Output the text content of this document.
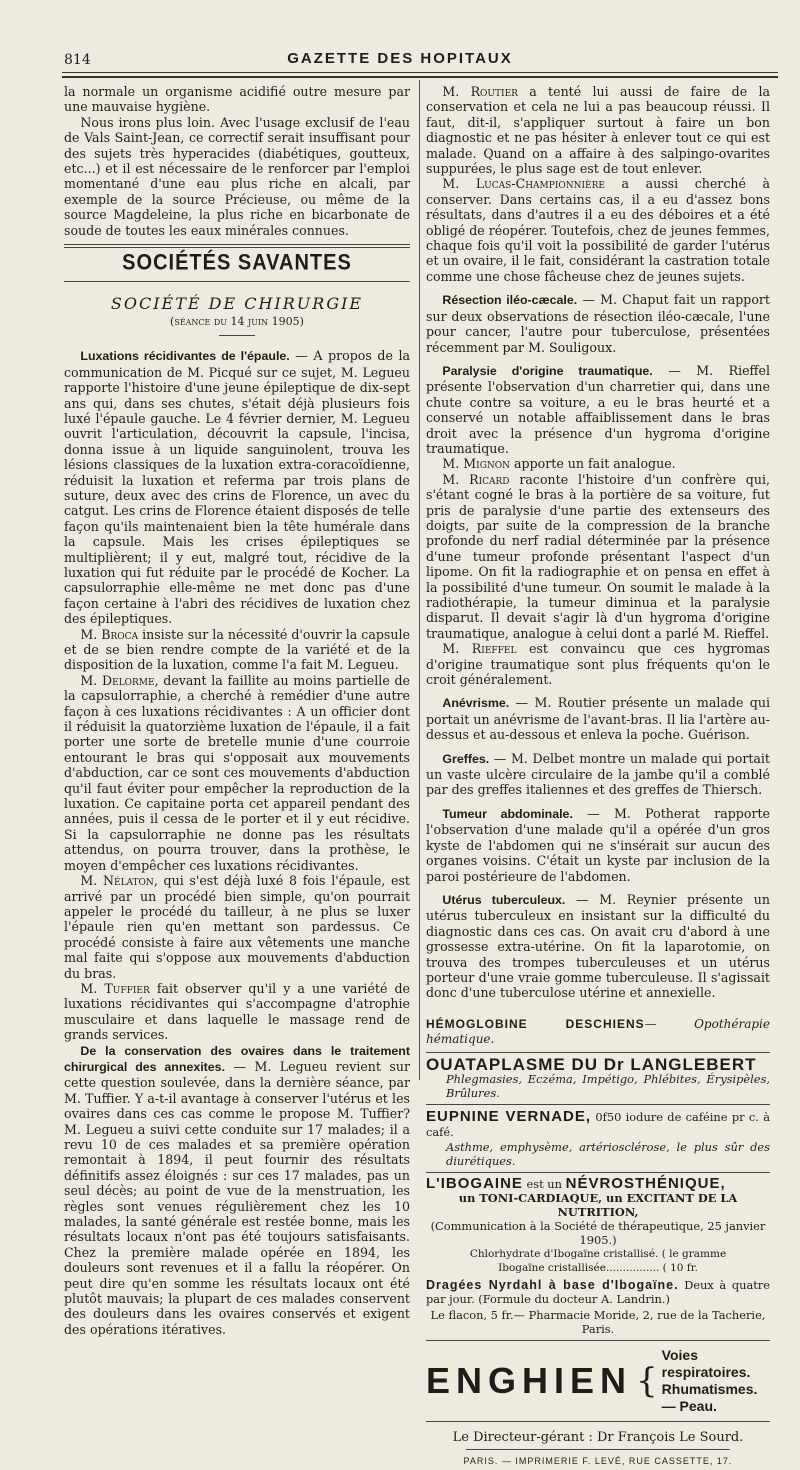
814	GAZETTE DES HOPITAUX

la normale un organisme acidifié outre mesure par une mauvaise hygiène.

Nous irons plus loin. Avec l'usage exclusif de l'eau de Vals Saint-Jean, ce correctif serait insuffisant pour des sujets très hyperacides (diabétiques, goutteux, etc...) et il est nécessaire de le renforcer par l'emploi momentané d'une eau plus riche en alcali, par exemple de la source Précieuse, ou même de la source Magdeleine, la plus riche en bicarbonate de soude de toutes les eaux minérales connues.

SOCIÉTÉS SAVANTES
SOCIÉTÉ DE CHIRURGIE
(séance du 14 juin 1905)

Luxations récidivantes de l'épaule. — A propos de la communication de M. Picqué sur ce sujet, M. Legueu rapporte l'histoire d'une jeune épileptique de dix-sept ans qui, dans ses chutes, s'était déjà plusieurs fois luxé l'épaule gauche. Le 4 février dernier, M. Legueu ouvrit l'articulation, découvrit la capsule, l'incisa, donna issue à un liquide sanguinolent, trouva les lésions classiques de la luxation extra-coracoïdienne, réduisit la luxation et referma par trois plans de suture, deux avec des crins de Florence, un avec du catgut. Les crins de Florence étaient disposés de telle façon qu'ils maintenaient bien la tête humérale dans la capsule. Mais les crises épileptiques se multiplièrent; il y eut, malgré tout, récidive de la luxation qui fut réduite par le procédé de Kocher. La capsulorraphie elle-même ne met donc pas d'une façon certaine à l'abri des récidives de luxation chez des épileptiques.

M. Broca insiste sur la nécessité d'ouvrir la capsule et de se bien rendre compte de la variété et de la disposition de la luxation, comme l'a fait M. Legueu.

M. Delorme, devant la faillite au moins partielle de la capsulorraphie, a cherché à remédier d'une autre façon à ces luxations récidivantes : A un officier dont il réduisit la quatorzième luxation de l'épaule, il a fait porter une sorte de bretelle munie d'une courroie entourant le bras qui s'opposait aux mouvements d'abduction, car ce sont ces mouvements d'abduction qu'il faut éviter pour empêcher la reproduction de la luxation. Ce capitaine porta cet appareil pendant des années, puis il cessa de le porter et il y eut récidive. Si la capsulorraphie ne donne pas les résultats attendus, on pourra trouver, dans la prothèse, le moyen d'empêcher ces luxations récidivantes.

M. Nélaton, qui s'est déjà luxé 8 fois l'épaule, est arrivé par un procédé bien simple, qu'on pourrait appeler le procédé du tailleur, à ne plus se luxer l'épaule rien qu'en mettant son pardessus. Ce procédé consiste à faire aux vêtements une manche mal faite qui s'oppose aux mouvements d'abduction du bras.

M. Tuffier fait observer qu'il y a une variété de luxations récidivantes qui s'accompagne d'atrophie musculaire et dans laquelle le massage rend de grands services.

De la conservation des ovaires dans le traitement chirurgical des annexites. — M. Legueu revient sur cette question soulevée, dans la dernière séance, par M. Tuffier. Y a-t-il avantage à conserver l'utérus et les ovaires dans ces cas comme le propose M. Tuffier? M. Legueu a suivi cette conduite sur 17 malades; il a revu 10 de ces malades et sa première opération remontait à 1894, il peut fournir des résultats définitifs assez éloignés : sur ces 17 malades, pas un seul décès; au point de vue de la menstruation, les règles sont venues régulièrement chez les 10 malades, la santé générale est restée bonne, mais les résultats locaux n'ont pas été toujours satisfaisants. Chez la première malade opérée en 1894, les douleurs sont revenues et il a fallu la réopérer. On peut dire qu'en somme les résultats locaux ont été plutôt mauvais; la plupart de ces malades conservent des douleurs dans les ovaires conservés et exigent des opérations itératives.

M. Routier a tenté lui aussi de faire de la conservation et cela ne lui a pas beaucoup réussi. Il faut, dit-il, s'appliquer surtout à faire un bon diagnostic et ne pas hésiter à enlever tout ce qui est malade. Quand on a affaire à des salpingo-ovarites suppurées, le plus sage est de tout enlever.

M. Lucas-Championnière a aussi cherché à conserver. Dans certains cas, il a eu d'assez bons résultats, dans d'autres il a eu des déboires et a été obligé de réopérer. Toutefois, chez de jeunes femmes, chaque fois qu'il voit la possibilité de garder l'utérus et un ovaire, il le fait, considérant la castration totale comme une chose fâcheuse chez de jeunes sujets.

Résection iléo-cæcale. — M. Chaput fait un rapport sur deux observations de résection iléo-cæcale, l'une pour cancer, l'autre pour tuberculose, présentées récemment par M. Souligoux.

Paralysie d'origine traumatique. — M. Rieffel présente l'observation d'un charretier qui, dans une chute contre sa voiture, a eu le bras heurté et a conservé un notable affaiblissement dans le bras droit avec la présence d'un hygroma d'origine traumatique.

M. Mignon apporte un fait analogue.

M. Ricard raconte l'histoire d'un confrère qui, s'étant cogné le bras à la portière de sa voiture, fut pris de paralysie d'une partie des extenseurs des doigts, par suite de la compression de la branche profonde du nerf radial déterminée par la présence d'une tumeur profonde présentant l'aspect d'un lipome. On fit la radiographie et on pensa en effet à la possibilité d'une tumeur. On soumit le malade à la radiothérapie, la tumeur diminua et la paralysie disparut. Il devait s'agir là d'un hygroma d'origine traumatique, analogue à celui dont a parlé M. Rieffel.

M. Rieffel est convaincu que ces hygromas d'origine traumatique sont plus fréquents qu'on le croit généralement.

Anévrisme. — M. Routier présente un malade qui portait un anévrisme de l'avant-bras. Il lia l'artère au-dessus et au-dessous et enleva la poche. Guérison.

Greffes. — M. Delbet montre un malade qui portait un vaste ulcère circulaire de la jambe qu'il a comblé par des greffes italiennes et des greffes de Thiersch.

Tumeur abdominale. — M. Potherat rapporte l'observation d'une malade qu'il a opérée d'un gros kyste de l'abdomen qui ne s'insérait sur aucun des organes voisins. C'était un kyste par inclusion de la paroi postérieure de l'abdomen.

Utérus tuberculeux. — M. Reynier présente un utérus tuberculeux en insistant sur la difficulté du diagnostic dans ces cas. On avait cru d'abord à une grossesse extra-utérine. On fit la laparotomie, on trouva des trompes tuberculeuses et un utérus porteur d'une vraie gomme tuberculeuse. Il s'agissait donc d'une tuberculose utérine et annexielle.

HÉMOGLOBINE DESCHIENS— Opothérapie hématique.
OUATAPLASME DU Dr LANGLEBERT
Phlegmasies, Eczéma, Impétigo, Phlébites, Érysipèles, Brûlures.
EUPNINE VERNADE, 0f50 iodure de caféine pr c. à café.
Asthme, emphysème, artériosclérose, le plus sûr des diurétiques.
L'IBOGAINE est un NÉVROSTHÉNIQUE,
un TONI-CARDIAQUE, un EXCITANT DE LA NUTRITION,
(Communication à la Société de thérapeutique, 25 janvier 1905.)
Chlorhydrate d'Ibogaïne cristallisé. ( le gramme
Ibogaïne cristallisée................ ( 10 fr.
Dragées Nyrdahl à base d'Ibogaïne. Deux à quatre par jour. (Formule du docteur A. Landrin.)
Le flacon, 5 fr.— Pharmacie Moride, 2, rue de la Tacherie, Paris.
ENGHIEN {
Voies respiratoires.
Rhumatismes. — Peau.
Le Directeur-gérant : Dr François Le Sourd.
PARIS. — IMPRIMERIE F. LEVÉ, RUE CASSETTE, 17.
